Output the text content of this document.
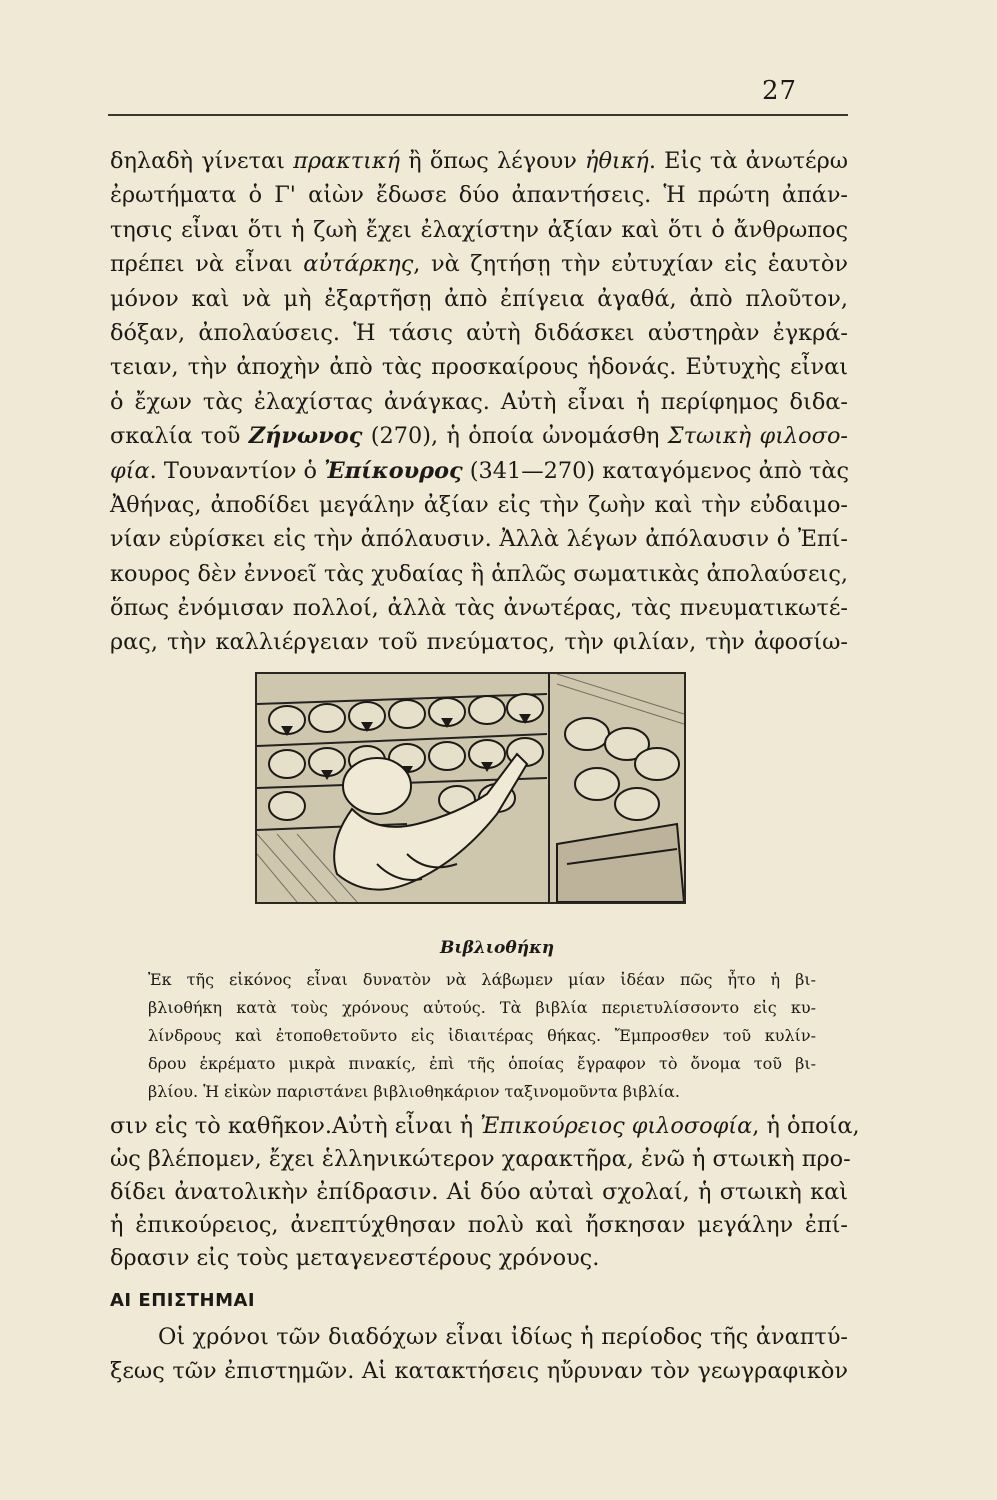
27
δηλαδὴ γίνεται πρακτική ἢ ὅπως λέγουν ἠθική. Εἰς τὰ ἀνωτέρω
ἐρωτήματα ὁ Γ' αἰὼν ἔδωσε δύο ἀπαντήσεις. Ἡ πρώτη ἀπάν-
τησις εἶναι ὅτι ἡ ζωὴ ἔχει ἐλαχίστην ἀξίαν καὶ ὅτι ὁ ἄνθρωπος
πρέπει νὰ εἶναι αὐτάρκης, νὰ ζητήσῃ τὴν εὐτυχίαν εἰς ἑαυτὸν
μόνον καὶ νὰ μὴ ἐξαρτῆσῃ ἀπὸ ἐπίγεια ἀγαθά, ἀπὸ πλοῦτον,
δόξαν, ἀπολαύσεις. Ἡ τάσις αὐτὴ διδάσκει αὐστηρὰν ἐγκρά-
τειαν, τὴν ἀποχὴν ἀπὸ τὰς προσκαίρους ἡδονάς. Εὐτυχὴς εἶναι
ὁ ἔχων τὰς ἐλαχίστας ἀνάγκας. Αὐτὴ εἶναι ἡ περίφημος διδα-
σκαλία τοῦ Ζήνωνος (270), ἡ ὁποία ὠνομάσθη Στωικὴ φιλοσο-
φία. Τουναντίον ὁ Ἐπίκουρος (341—270) καταγόμενος ἀπὸ τὰς
Ἀθήνας, ἀποδίδει μεγάλην ἀξίαν εἰς τὴν ζωὴν καὶ τὴν εὐδαιμο-
νίαν εὑρίσκει εἰς τὴν ἀπόλαυσιν. Ἀλλὰ λέγων ἀπόλαυσιν ὁ Ἐπί-
κουρος δὲν ἐννοεῖ τὰς χυδαίας ἢ ἁπλῶς σωματικὰς ἀπολαύσεις,
ὅπως ἐνόμισαν πολλοί, ἀλλὰ τὰς ἀνωτέρας, τὰς πνευματικωτέ-
ρας, τὴν καλλιέργειαν τοῦ πνεύματος, τὴν φιλίαν, τὴν ἀφοσίω-
Βιβλιοθήκη
Ἐκ τῆς εἰκόνος εἶναι δυνατὸν νὰ λάβωμεν μίαν ἰδέαν πῶς ἦτο ἡ βι-
βλιοθήκη κατὰ τοὺς χρόνους αὐτούς. Τὰ βιβλία περιετυλίσσοντο εἰς κυ-
λίνδρους καὶ ἐτοποθετοῦντο εἰς ἰδιαιτέρας θήκας. Ἔμπροσθεν τοῦ κυλίν-
δρου ἐκρέματο μικρὰ πινακίς, ἐπὶ τῆς ὁποίας ἔγραφον τὸ ὄνομα τοῦ βι-
βλίου. Ἡ εἰκὼν παριστάνει βιβλιοθηκάριον ταξινομοῦντα βιβλία.
σιν εἰς τὸ καθῆκον.Αὐτὴ εἶναι ἡ Ἐπικούρειος φιλοσοφία, ἡ ὁποία,
ὡς βλέπομεν, ἔχει ἑλληνικώτερον χαρακτῆρα, ἐνῶ ἡ στωικὴ προ-
δίδει ἀνατολικὴν ἐπίδρασιν. Αἱ δύο αὐταὶ σχολαί, ἡ στωικὴ καὶ
ἡ ἐπικούρειος, ἀνεπτύχθησαν πολὺ καὶ ἤσκησαν μεγάλην ἐπί-
δρασιν εἰς τοὺς μεταγενεστέρους χρόνους.
ΑΙ ΕΠΙΣΤΗΜΑΙ
Οἱ χρόνοι τῶν διαδόχων εἶναι ἰδίως ἡ περίοδος τῆς ἀναπτύ-
ξεως τῶν ἐπιστημῶν. Αἱ κατακτήσεις ηὔρυναν τὸν γεωγραφικὸν
